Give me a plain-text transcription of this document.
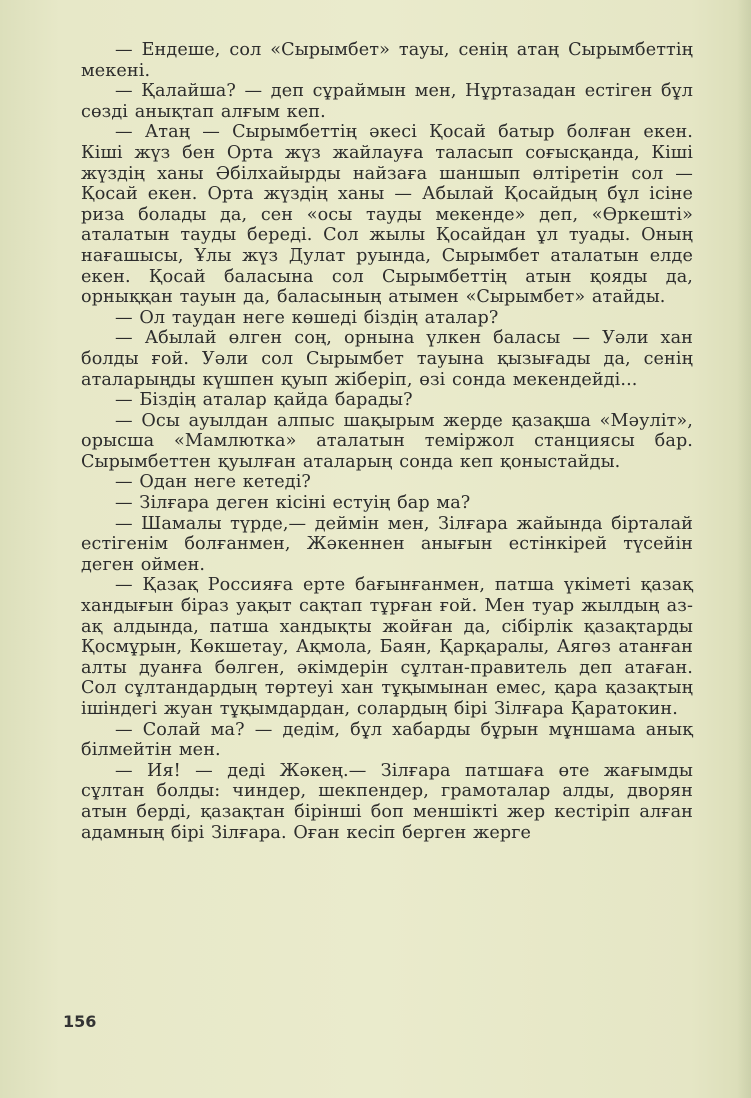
— Ендеше, сол «Сырымбет» тауы, сенің атаң Сырымбеттің мекені.

— Қалайша? — деп сұраймын мен, Нұртазадан естіген бұл сөзді анықтап алғым кеп.

— Атаң — Сырымбеттің әкесі Қосай батыр болған екен. Кіші жүз бен Орта жүз жайлауға таласып соғысқанда, Кіші жүздің ханы Әбілхайырды найзаға шаншып өлтіретін сол — Қосай екен. Орта жүздің ханы — Абылай Қосайдың бұл ісіне риза болады да, сен «осы тауды мекенде» деп, «Өркешті» аталатын тауды береді. Сол жылы Қосайдан ұл туады. Оның нағашысы, Ұлы жүз Дулат руында, Сырымбет аталатын елде екен. Қосай баласына сол Сырымбеттің атын қояды да, орныққан тауын да, баласының атымен «Сырымбет» атайды.

— Ол таудан неге көшеді біздің аталар?

— Абылай өлген соң, орнына үлкен баласы — Уәли хан болды ғой. Уәли сол Сырымбет тауына қызығады да, сенің аталарыңды күшпен қуып жібеpiп, өзі сонда мекендейді...

— Біздің аталар қайда барады?

— Осы ауылдан алпыс шақырым жерде қазақша «Мәуліт», орысша «Мамлютка» аталатын теміржол станциясы бар. Сырымбеттен қуылған аталарың сонда кеп қоныстайды.

— Одан неге кетеді?

— Зілғара деген кісіні естуің бар ма?

— Шамалы түрде,— деймін мен, Зілғара жайында бірталай естігенім болғанмен, Жәкеннен анығын естінкірей түсейін деген оймен.

— Қазақ Россияға ерте бағынғанмен, патша үкіметі қазақ хандығын біраз уақыт сақтап тұрған ғой. Мен туар жылдың аз-ақ алдында, патша хандықты жойған да, сібірлік қазақтарды Қосмұрын, Көкшетау, Ақмола, Баян, Қарқаралы, Аягөз атанған алты дуанға бөлген, әкімдерін сұлтан-правитель деп атаған. Сол сұлтандардың төртеуі хан тұқымынан емес, қара қазақтың ішіндегі жуан тұқымдардан, солардың бірі Зілғара Қаратокин.

— Солай ма? — дедім, бұл хабарды бұрын мұншама анық білмейтін мен.

— Ия! — деді Жәкең.— Зілғара патшаға өте жағымды сұлтан болды: чиндер, шекпендер, грамоталар алды, дворян атын берді, қазақтан бірінші боп меншікті жер кестіріп алған адамның бірі Зілғара. Оған кесіп берген жерге

156
